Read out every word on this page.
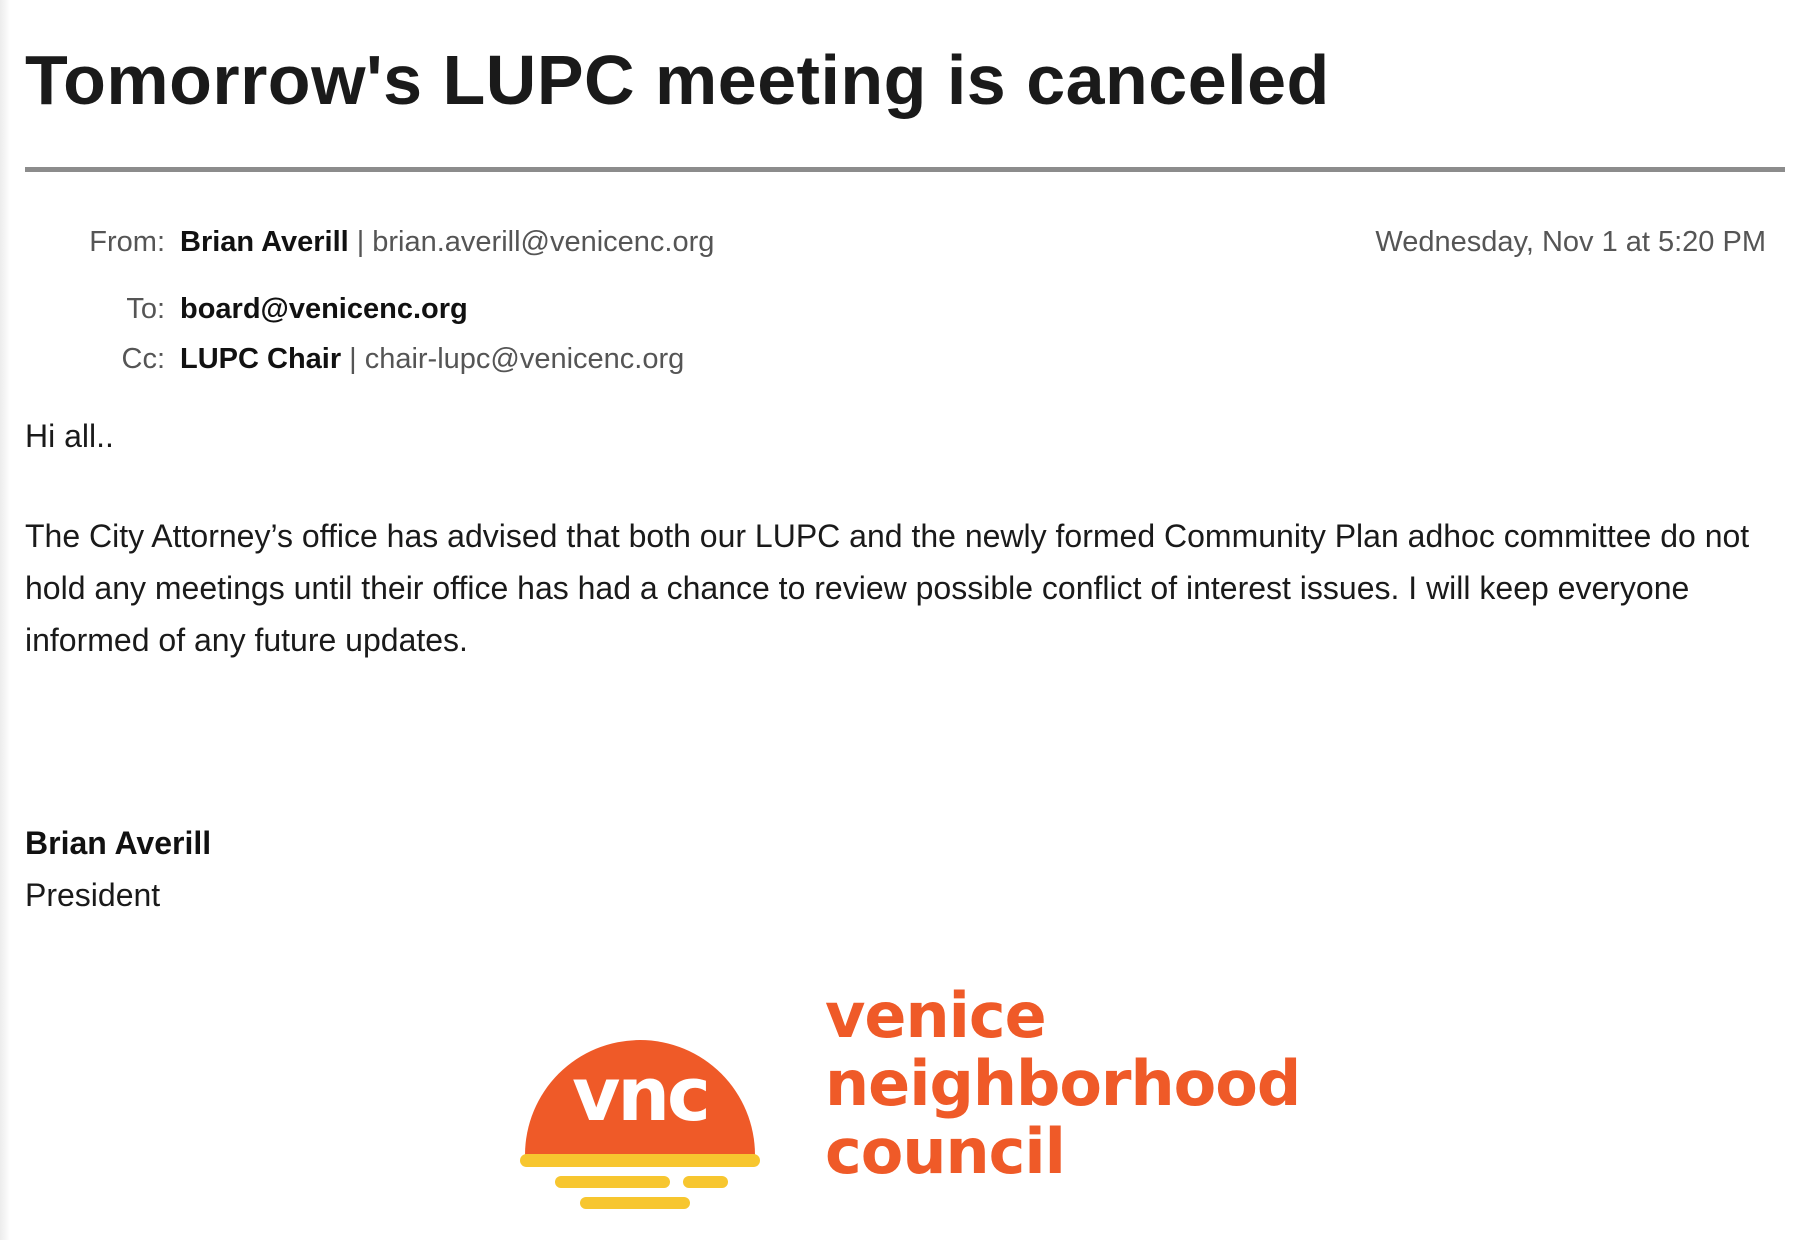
Tomorrow's LUPC meeting is canceled
From: Brian Averill | brian.averill@venicenc.org	Wednesday, Nov 1 at 5:20 PM
To: board@venicenc.org
Cc: LUPC Chair | chair-lupc@venicenc.org

Hi all..

The City Attorney’s office has advised that both our LUPC and the newly formed Community Plan adhoc committee do not hold any meetings until their office has had a chance to review possible conflict of interest issues. I will keep everyone informed of any future updates.

Brian Averill
President
vnc
venice
neighborhood
council
